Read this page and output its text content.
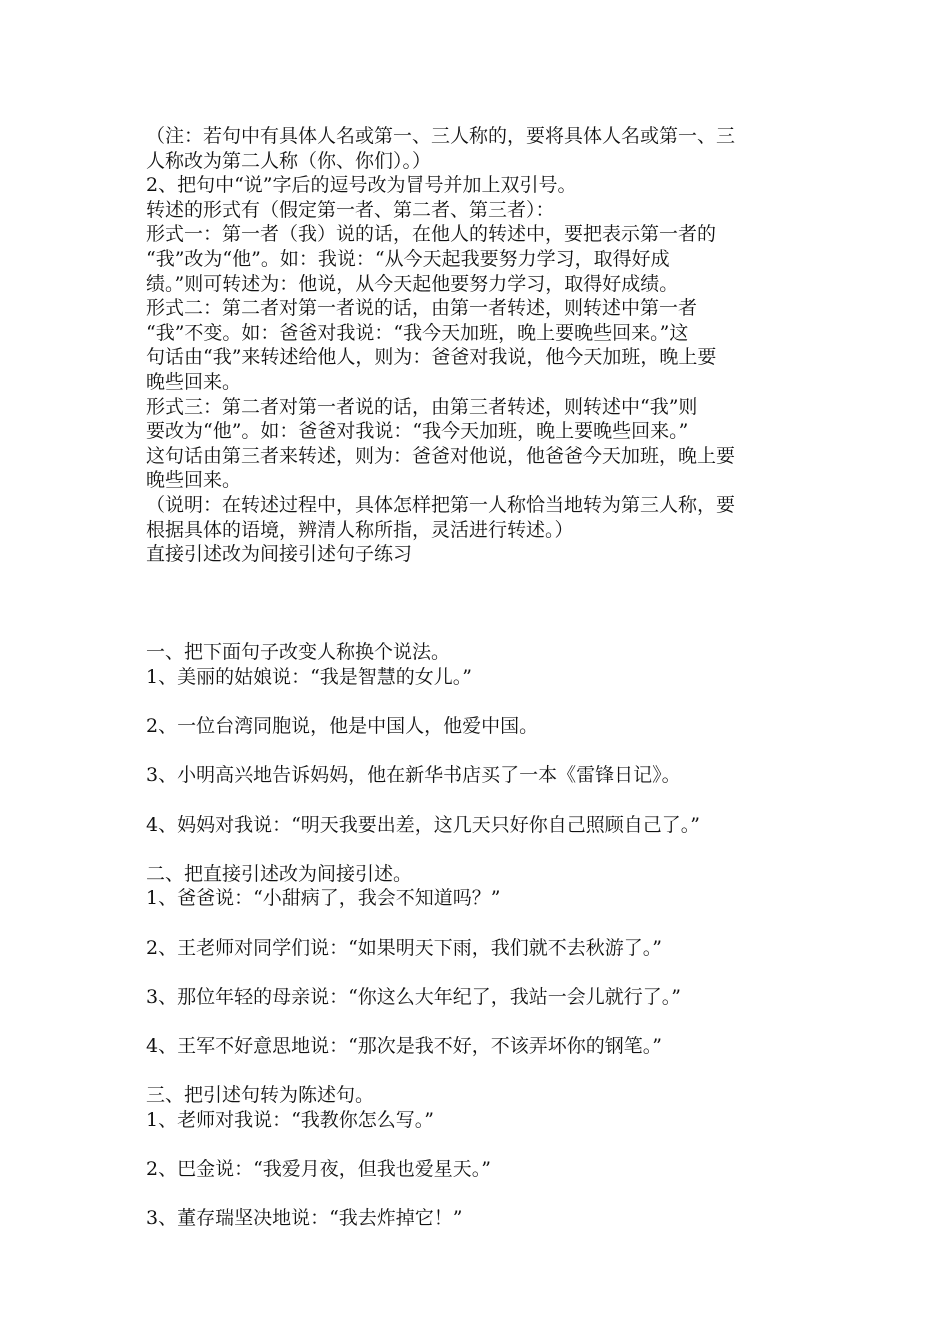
（注：若句中有具体人名或第一、三人称的，要将具体人名或第一、三
人称改为第二人称（你、你们）。）
2、把句中“说”字后的逗号改为冒号并加上双引号。
转述的形式有（假定第一者、第二者、第三者）：
形式一：第一者（我）说的话，在他人的转述中，要把表示第一者的
“我”改为“他”。如：我说：“从今天起我要努力学习，取得好成
绩。”则可转述为：他说，从今天起他要努力学习，取得好成绩。
形式二：第二者对第一者说的话，由第一者转述，则转述中第一者
“我”不变。如：爸爸对我说：“我今天加班，晚上要晚些回来。”这
句话由“我”来转述给他人，则为：爸爸对我说，他今天加班，晚上要
晚些回来。
形式三：第二者对第一者说的话，由第三者转述，则转述中“我”则
要改为“他”。如：爸爸对我说：“我今天加班，晚上要晚些回来。”
这句话由第三者来转述，则为：爸爸对他说，他爸爸今天加班，晚上要
晚些回来。
（说明：在转述过程中，具体怎样把第一人称恰当地转为第三人称，要
根据具体的语境，辨清人称所指，灵活进行转述。）
直接引述改为间接引述句子练习
一、把下面句子改变人称换个说法。
1、美丽的姑娘说：“我是智慧的女儿。”
2、一位台湾同胞说，他是中国人，他爱中国。
3、小明高兴地告诉妈妈，他在新华书店买了一本《雷锋日记》。
4、妈妈对我说：“明天我要出差，这几天只好你自己照顾自己了。”
二、把直接引述改为间接引述。
1、爸爸说：“小甜病了，我会不知道吗？”
2、王老师对同学们说：“如果明天下雨，我们就不去秋游了。”
3、那位年轻的母亲说：“你这么大年纪了，我站一会儿就行了。”
4、王军不好意思地说：“那次是我不好，不该弄坏你的钢笔。”
三、把引述句转为陈述句。
1、老师对我说：“我教你怎么写。”
2、巴金说：“我爱月夜，但我也爱星天。”
3、董存瑞坚决地说：“我去炸掉它！”
